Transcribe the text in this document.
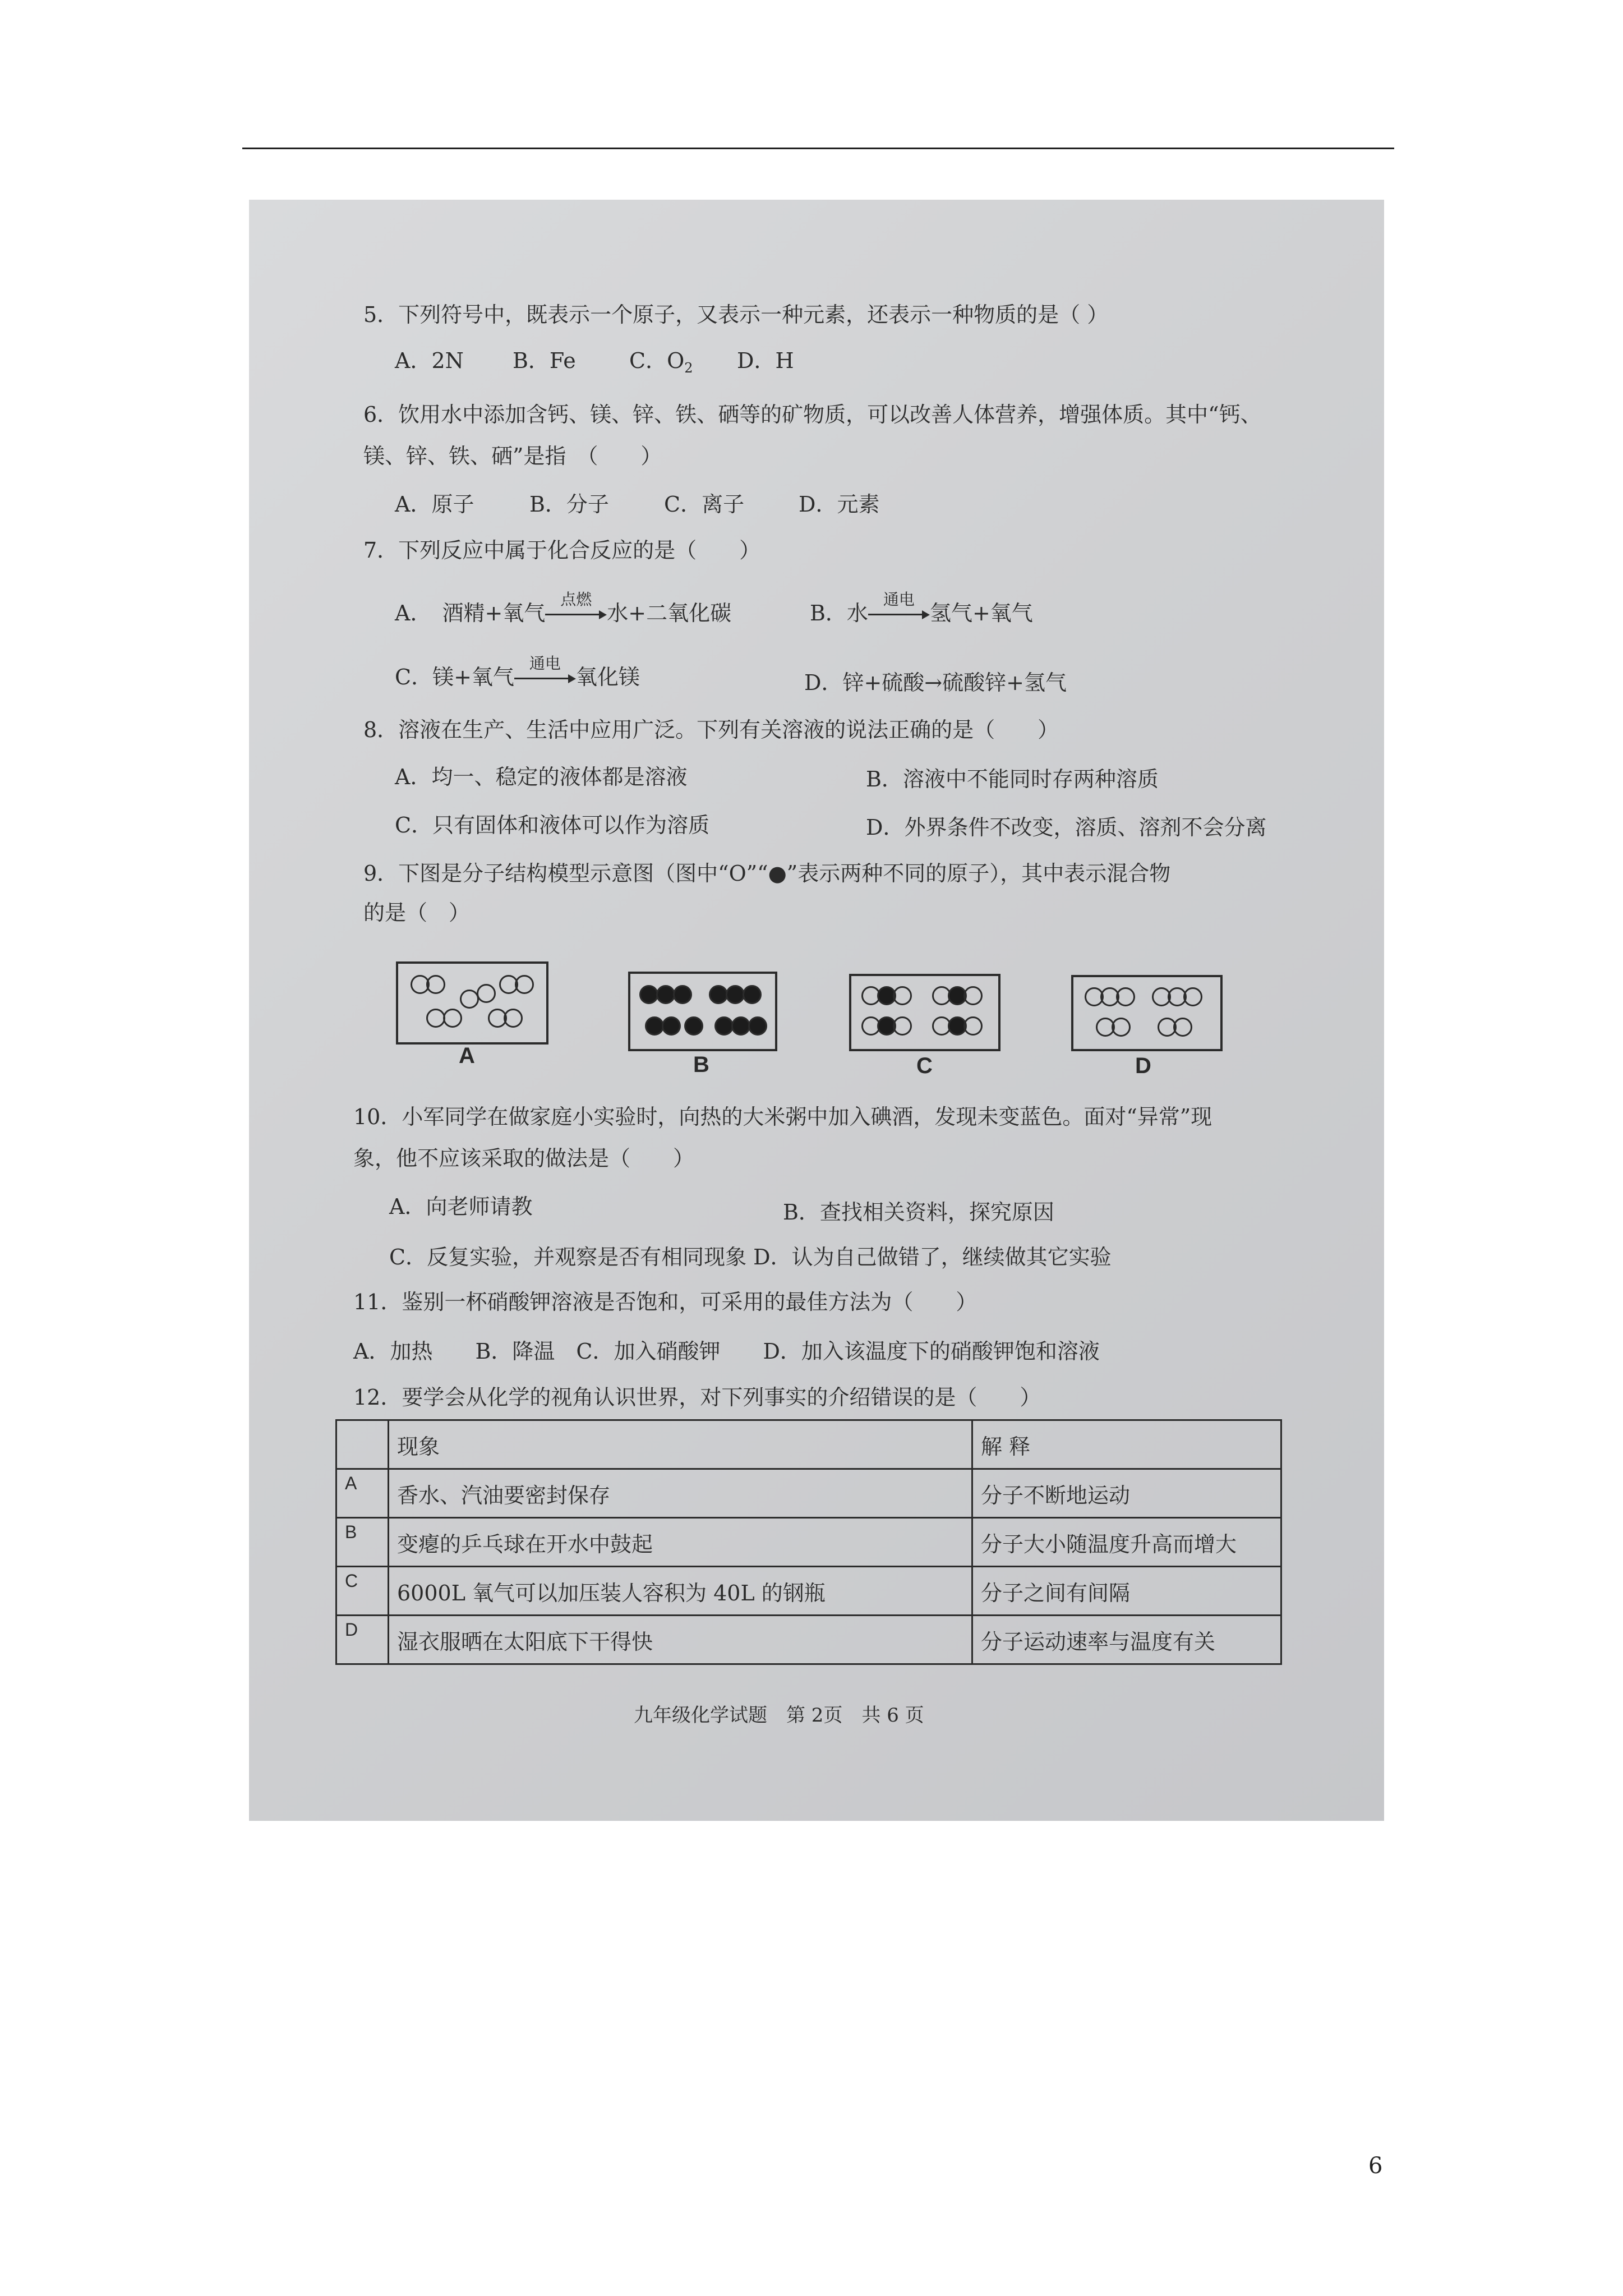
5．下列符号中，既表示一个原子，又表示一种元素，还表示一种物质的是（ ）
A．2N B．Fe	C．$O_2$ D．H
6．饮用水中添加含钙、镁、锌、铁、硒等的矿物质，可以改善人体营养，增强体质。其中“钙、
镁、锌、铁、硒”是指　（　　）
A．原子	B．分子	C．离子	D．元素
7．下列反应中属于化合反应的是（　　）
A．　酒精+氧气
点燃
水+二氧化碳	B．水
通电
氢气+氧气
C．镁+氧气
通电
氧化镁	D．锌+硫酸→硫酸锌+氢气
8．溶液在生产、生活中应用广泛。下列有关溶液的说法正确的是（　　）
A．均一、稳定的液体都是溶液	B．溶液中不能同时存两种溶质
C．只有固体和液体可以作为溶质	D．外界条件不改变，溶质、溶剂不会分离
9．下图是分子结构模型示意图（图中“O”“●”表示两种不同的原子），其中表示混合物
的是（　）
A	B	C	D
10．小军同学在做家庭小实验时，向热的大米粥中加入碘酒，发现未变蓝色。面对“异常”现
象，他不应该采取的做法是（　　）
A．向老师请教	B．查找相关资料，探究原因
C．反复实验，并观察是否有相同现象 D．认为自己做错了，继续做其它实验
11．鉴别一杯硝酸钾溶液是否饱和，可采用的最佳方法为（　　）
A．加热　　B．降温　C．加入硝酸钾　　D．加入该温度下的硝酸钾饱和溶液
12．要学会从化学的视角认识世界，对下列事实的介绍错误的是（　　）
	现象	解 释
A	香水、汽油要密封保存	分子不断地运动
B	变瘪的乒乓球在开水中鼓起	分子大小随温度升高而增大
C	6000L 氧气可以加压装人容积为 40L 的钢瓶	分子之间有间隔
D	湿衣服晒在太阳底下干得快	分子运动速率与温度有关
九年级化学试题　第 2页　共 6 页
6
